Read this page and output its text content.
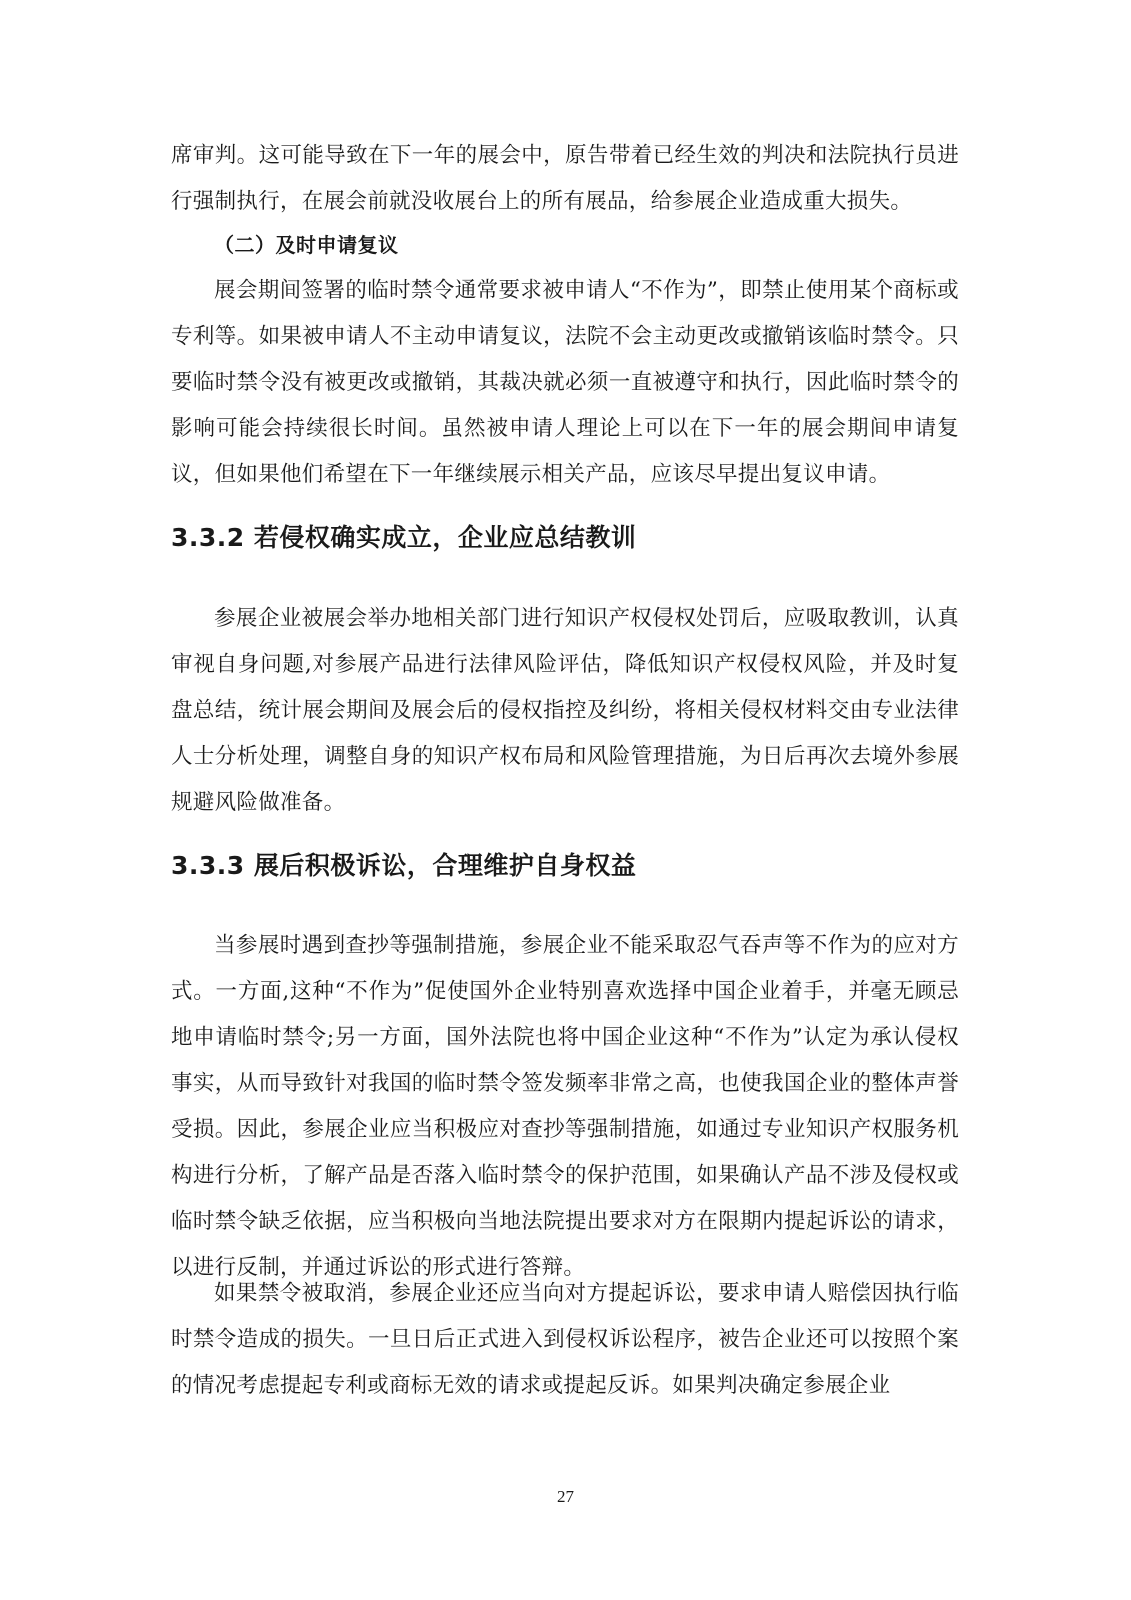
席审判。这可能导致在下一年的展会中，原告带着已经生效的判决和法院执行员进行强制执行，在展会前就没收展台上的所有展品，给参展企业造成重大损失。

（二）及时申请复议

展会期间签署的临时禁令通常要求被申请人“不作为”，即禁止使用某个商标或专利等。如果被申请人不主动申请复议，法院不会主动更改或撤销该临时禁令。只要临时禁令没有被更改或撤销，其裁决就必须一直被遵守和执行，因此临时禁令的影响可能会持续很长时间。虽然被申请人理论上可以在下一年的展会期间申请复议，但如果他们希望在下一年继续展示相关产品，应该尽早提出复议申请。

3.3.2 若侵权确实成立，企业应总结教训

参展企业被展会举办地相关部门进行知识产权侵权处罚后，应吸取教训，认真审视自身问题,对参展产品进行法律风险评估，降低知识产权侵权风险，并及时复盘总结，统计展会期间及展会后的侵权指控及纠纷，将相关侵权材料交由专业法律人士分析处理，调整自身的知识产权布局和风险管理措施，为日后再次去境外参展规避风险做准备。

3.3.3 展后积极诉讼，合理维护自身权益

当参展时遇到查抄等强制措施，参展企业不能采取忍气吞声等不作为的应对方式。一方面,这种“不作为”促使国外企业特别喜欢选择中国企业着手，并毫无顾忌地申请临时禁令;另一方面，国外法院也将中国企业这种“不作为”认定为承认侵权事实，从而导致针对我国的临时禁令签发频率非常之高，也使我国企业的整体声誉受损。因此，参展企业应当积极应对查抄等强制措施，如通过专业知识产权服务机构进行分析，了解产品是否落入临时禁令的保护范围，如果确认产品不涉及侵权或临时禁令缺乏依据，应当积极向当地法院提出要求对方在限期内提起诉讼的请求，以进行反制，并通过诉讼的形式进行答辩。

如果禁令被取消，参展企业还应当向对方提起诉讼，要求申请人赔偿因执行临时禁令造成的损失。一旦日后正式进入到侵权诉讼程序，被告企业还可以按照个案的情况考虑提起专利或商标无效的请求或提起反诉。如果判决确定参展企业

27
